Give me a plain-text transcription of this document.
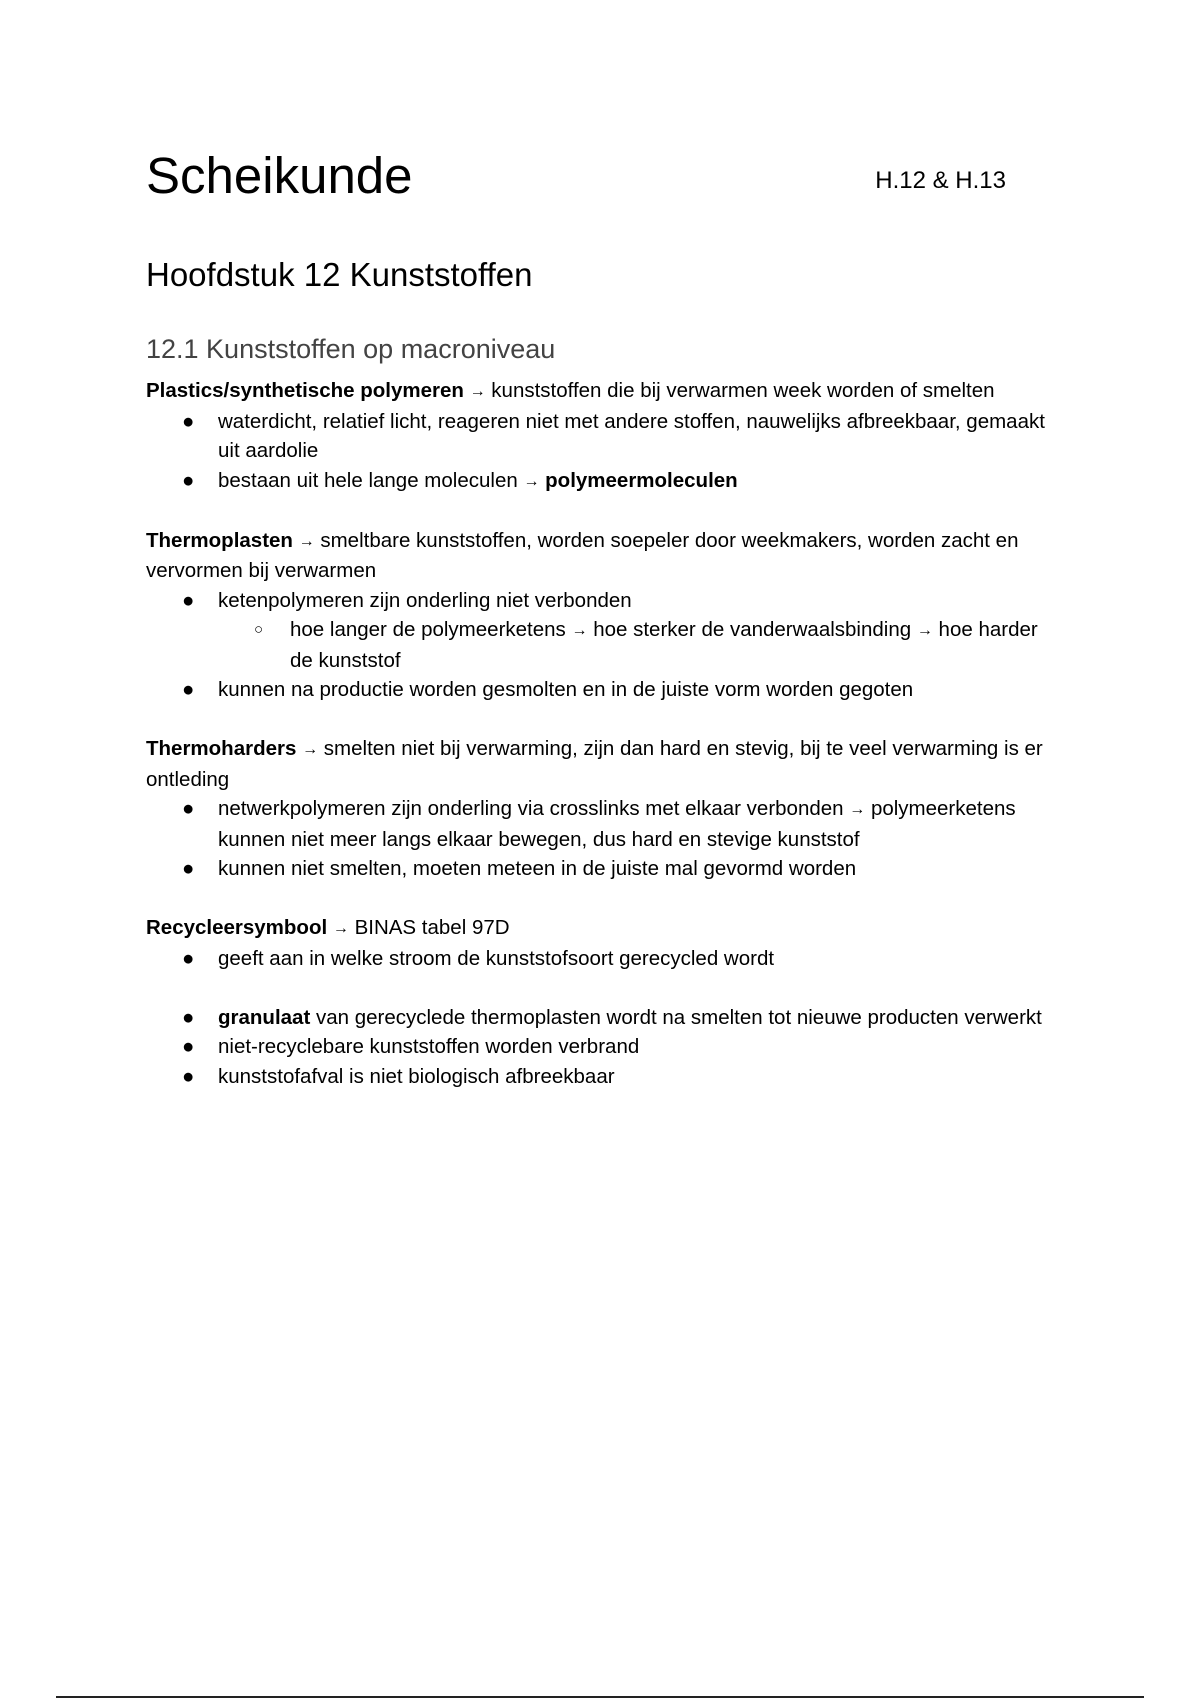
Scheikunde	H.12 & H.13
Hoofdstuk 12 Kunststoffen
12.1 Kunststoffen op macroniveau

Plastics/synthetische polymeren → kunststoffen die bij verwarmen week worden of smelten

● waterdicht, relatief licht, reageren niet met andere stoffen, nauwelijks afbreekbaar, gemaakt uit aardolie
● bestaan uit hele lange moleculen → polymeermoleculen

Thermoplasten → smeltbare kunststoffen, worden soepeler door weekmakers, worden zacht en vervormen bij verwarmen

● ketenpolymeren zijn onderling niet verbonden
○ hoe langer de polymeerketens → hoe sterker de vanderwaalsbinding → hoe harder de kunststof
● kunnen na productie worden gesmolten en in de juiste vorm worden gegoten

Thermoharders → smelten niet bij verwarming, zijn dan hard en stevig, bij te veel verwarming is er ontleding

● netwerkpolymeren zijn onderling via crosslinks met elkaar verbonden → polymeerketens kunnen niet meer langs elkaar bewegen, dus hard en stevige kunststof
● kunnen niet smelten, moeten meteen in de juiste mal gevormd worden

Recycleersymbool → BINAS tabel 97D

● geeft aan in welke stroom de kunststofsoort gerecycled wordt
● granulaat van gerecyclede thermoplasten wordt na smelten tot nieuwe producten verwerkt
● niet-recyclebare kunststoffen worden verbrand
● kunststofafval is niet biologisch afbreekbaar
